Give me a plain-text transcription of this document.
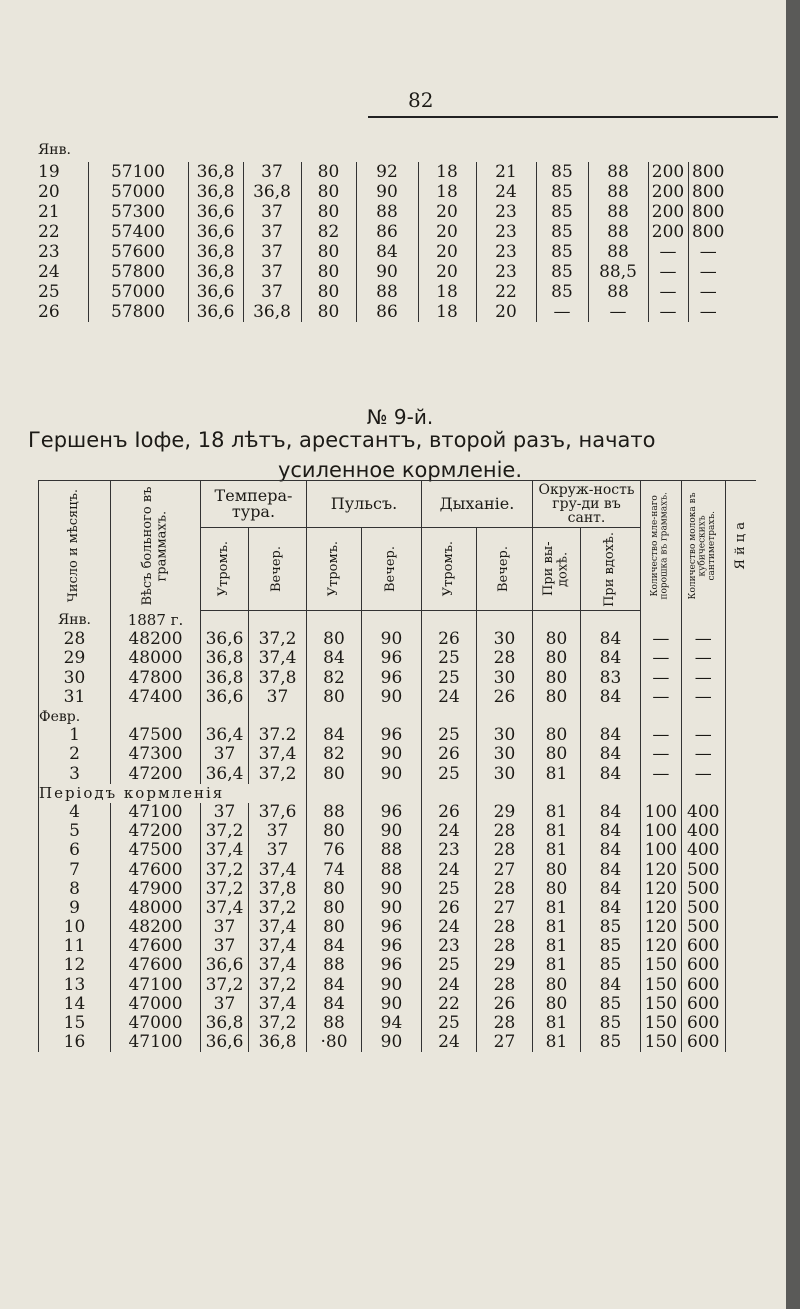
82
Янв.
19	57100	36,8	37	80	92	18	21	85	88	200	800
20	57000	36,8	36,8	80	90	18	24	85	88	200	800
21	57300	36,6	37	80	88	20	23	85	88	200	800
22	57400	36,6	37	82	86	20	23	85	88	200	800
23	57600	36,8	37	80	84	20	23	85	88	—	—
24	57800	36,8	37	80	90	20	23	85	88,5	—	—
25	57000	36,6	37	80	88	18	22	85	88	—	—
26	57800	36,6	36,8	80	86	18	20	—	—	—	—
№ 9-й.
Гершенъ Iофе, 18 лѣтъ, арестантъ, второй разъ, начато
усиленное кормленіе.
Число и мѣсяцъ.	Вѣсъ больного въ граммахъ.	Темпера-тура.		Пульсъ.		Дыханіе.		Окруж-ность гру-ди въ сант.		Количество мле-наго порошка въ граммахъ.	Количество молока въ кубическихъ сантиметрахъ.	Я й ц а

		Утромъ.	Вечер.	Утромъ.	Вечер.	Утромъ.	Вечер.	При вы-дохѣ.	При вдохѣ.			

Янв.	1887 г.											
28	48200	36,6	37,2	80	90	26	30	80	84	—	—	
29	48000	36,8	37,4	84	96	25	28	80	84	—	—	
30	47800	36,8	37,8	82	96	25	30	80	83	—	—	
31	47400	36,6	37	80	90	24	26	80	84	—	—	
Февр.												
1	47500	36,4	37.2	84	96	25	30	80	84	—	—	
2	47300	37	37,4	82	90	26	30	80	84	—	—	
3	47200	36,4	37,2	80	90	25	30	81	84	—	—	
Періодъ кормленія												
4	47100	37	37,6	88	96	26	29	81	84	100	400	
5	47200	37,2	37	80	90	24	28	81	84	100	400	
6	47500	37,4	37	76	88	23	28	81	84	100	400	
7	47600	37,2	37,4	74	88	24	27	80	84	120	500	
8	47900	37,2	37,8	80	90	25	28	80	84	120	500	
9	48000	37,4	37,2	80	90	26	27	81	84	120	500	
10	48200	37	37,4	80	96	24	28	81	85	120	500	
11	47600	37	37,4	84	96	23	28	81	85	120	600	
12	47600	36,6	37,4	88	96	25	29	81	85	150	600	
13	47100	37,2	37,2	84	90	24	28	80	84	150	600	
14	47000	37	37,4	84	90	22	26	80	85	150	600	
15	47000	36,8	37,2	88	94	25	28	81	85	150	600	
16	47100	36,6	36,8	·80	90	24	27	81	85	150	600	
